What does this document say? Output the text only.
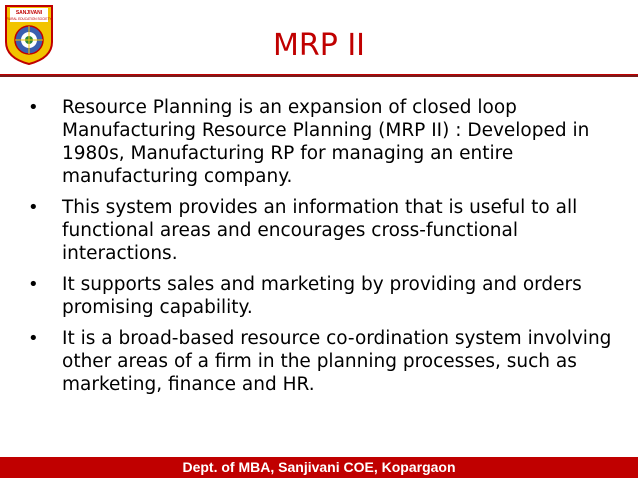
SANJIVANI
RURAL EDUCATION SOCIETY
MRP II
• Resource Planning is an expansion of closed loop Manufacturing Resource Planning (MRP II) : Developed in 1980s, Manufacturing RP for managing an entire manufacturing company.
• This system provides an information that is useful to all functional areas and encourages cross-functional interactions.
• It supports sales and marketing by providing and orders promising capability.
• It is a broad-based resource co-ordination system involving other areas of a firm in the planning processes, such as marketing, finance and HR.
Dept. of MBA, Sanjivani COE, Kopargaon
